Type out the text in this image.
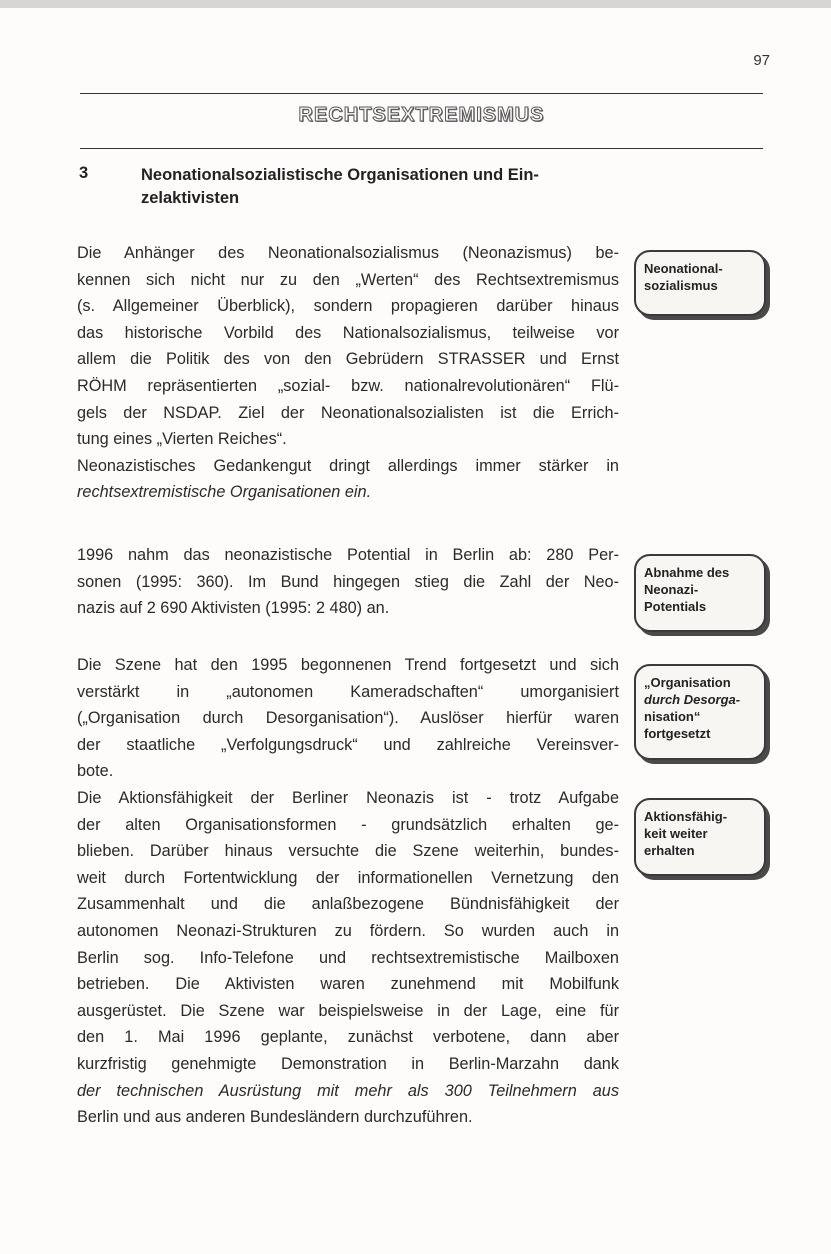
97
RECHTSEXTREMISMUS
3	Neonationalsozialistische Organisationen und Ein-
zelaktivisten
Die Anhänger des Neonationalsozialismus (Neonazismus) be-
kennen sich nicht nur zu den „Werten“ des Rechtsextremismus
(s. Allgemeiner Überblick), sondern propagieren darüber hinaus
das historische Vorbild des Nationalsozialismus, teilweise vor
allem die Politik des von den Gebrüdern STRASSER und Ernst
RÖHM repräsentierten „sozial- bzw. nationalrevolutionären“ Flü-
gels der NSDAP. Ziel der Neonationalsozialisten ist die Errich-
tung eines „Vierten Reiches“.
Neonazistisches Gedankengut dringt allerdings immer stärker in
rechtsextremistische Organisationen ein.
1996 nahm das neonazistische Potential in Berlin ab: 280 Per-
sonen (1995: 360). Im Bund hingegen stieg die Zahl der Neo-
nazis auf 2 690 Aktivisten (1995: 2 480) an.
Die Szene hat den 1995 begonnenen Trend fortgesetzt und sich
verstärkt in „autonomen Kameradschaften“ umorganisiert
(„Organisation durch Desorganisation“). Auslöser hierfür waren
der staatliche „Verfolgungsdruck“ und zahlreiche Vereinsver-
bote.
Die Aktionsfähigkeit der Berliner Neonazis ist - trotz Aufgabe
der alten Organisationsformen - grundsätzlich erhalten ge-
blieben. Darüber hinaus versuchte die Szene weiterhin, bundes-
weit durch Fortentwicklung der informationellen Vernetzung den
Zusammenhalt und die anlaßbezogene Bündnisfähigkeit der
autonomen Neonazi-Strukturen zu fördern. So wurden auch in
Berlin sog. Info-Telefone und rechtsextremistische Mailboxen
betrieben. Die Aktivisten waren zunehmend mit Mobilfunk
ausgerüstet. Die Szene war beispielsweise in der Lage, eine für
den 1. Mai 1996 geplante, zunächst verbotene, dann aber
kurzfristig genehmigte Demonstration in Berlin-Marzahn dank
der technischen Ausrüstung mit mehr als 300 Teilnehmern aus
Berlin und aus anderen Bundesländern durchzuführen.
Neonational-
sozialismus
Abnahme des
Neonazi-
Potentials
„Organisation
durch Desorga-
nisation“
fortgesetzt
Aktionsfähig-
keit weiter
erhalten
